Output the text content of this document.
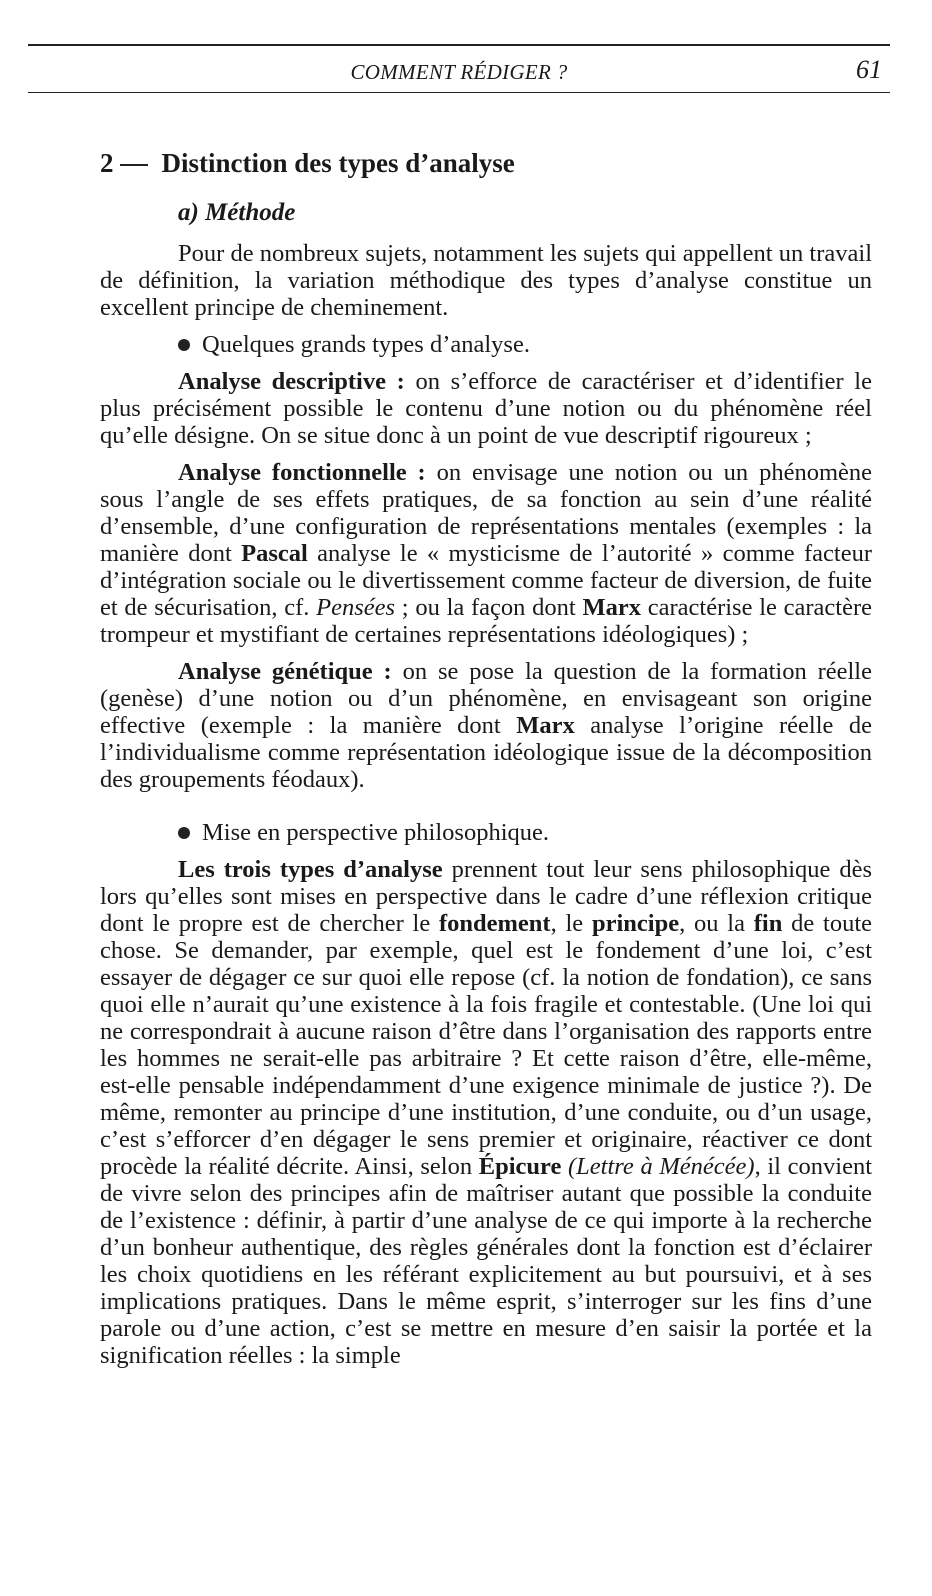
COMMENT RÉDIGER ?	61
2 Distinction des types d’analyse
a) Méthode

Pour de nombreux sujets, notamment les sujets qui appellent un travail de définition, la variation méthodique des types d’analyse constitue un excellent principe de cheminement.

Quelques grands types d’analyse.

Analyse descriptive : on s’efforce de caractériser et d’identifier le plus précisément possible le contenu d’une notion ou du phénomène réel qu’elle désigne. On se situe donc à un point de vue descriptif rigoureux ;

Analyse fonctionnelle : on envisage une notion ou un phénomène sous l’angle de ses effets pratiques, de sa fonction au sein d’une réalité d’ensemble, d’une configuration de représentations mentales (exemples : la manière dont Pascal analyse le « mysticisme de l’autorité » comme facteur d’intégration sociale ou le divertissement comme facteur de diversion, de fuite et de sécurisation, cf. Pensées ; ou la façon dont Marx caractérise le caractère trompeur et mystifiant de certaines représentations idéologiques) ;

Analyse génétique : on se pose la question de la formation réelle (genèse) d’une notion ou d’un phénomène, en envisageant son origine effective (exemple : la manière dont Marx analyse l’origine réelle de l’individualisme comme représentation idéologique issue de la décomposition des groupements féodaux).

Mise en perspective philosophique.

Les trois types d’analyse prennent tout leur sens philosophique dès lors qu’elles sont mises en perspective dans le cadre d’une réflexion critique dont le propre est de chercher le fondement, le principe, ou la fin de toute chose. Se demander, par exemple, quel est le fondement d’une loi, c’est essayer de dégager ce sur quoi elle repose (cf. la notion de fondation), ce sans quoi elle n’aurait qu’une existence à la fois fragile et contestable. (Une loi qui ne correspondrait à aucune raison d’être dans l’organisation des rapports entre les hommes ne serait-elle pas arbitraire ? Et cette raison d’être, elle-même, est-elle pensable indépendamment d’une exigence minimale de justice ?). De même, remonter au principe d’une institution, d’une conduite, ou d’un usage, c’est s’efforcer d’en dégager le sens premier et originaire, réactiver ce dont procède la réalité décrite. Ainsi, selon Épicure (Lettre à Ménécée), il convient de vivre selon des principes afin de maîtriser autant que possible la conduite de l’existence : définir, à partir d’une analyse de ce qui importe à la recherche d’un bonheur authentique, des règles générales dont la fonction est d’éclairer les choix quotidiens en les référant explicitement au but poursuivi, et à ses implications pratiques. Dans le même esprit, s’interroger sur les fins d’une parole ou d’une action, c’est se mettre en mesure d’en saisir la portée et la signification réelles : la simple
